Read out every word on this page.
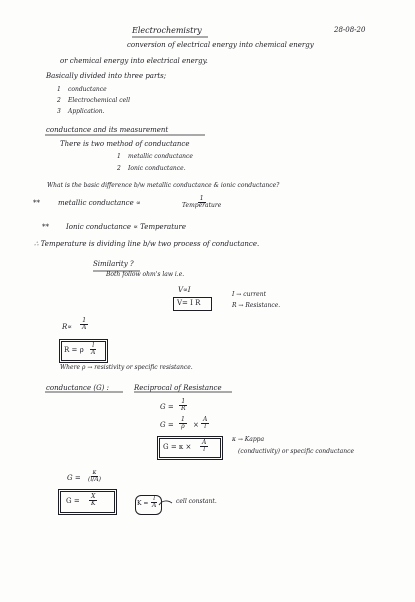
Electrochemistry	28-08-20
conversion of electrical energy into chemical energy
or chemical energy into electrical energy.
Basically divided into three parts;
1 conductance
2 Electrochemical cell
3 Application.
conductance and its measurement
There is two method of conductance
1 metallic conductance
2 Ionic conductance.
What is the basic difference b/w metallic conductance & ionic conductance?
**	metallic conductance ∝
1
Temperature
** Ionic conductance ∝ Temperature
∴ Temperature is dividing line b/w two process of conductance.
Similarity ?
Both follow ohm's law i.e.
V∝I
V= I R
I → current
R → Resistance.
$R\propto \frac{1}{A}$
R = ρ $\frac{l}{A}$
Where ρ → resistivity or specific resistance.
conductance (G) :	Reciprocal of Resistance
$G = \frac{1}{R}$
$G = \frac{1}{\rho} \times \frac{A}{l}$
$G = \kappa \times \frac{A}{l}$
κ → Kappa
(conductivity) or specific conductance
$G = \frac{\kappa}{(l/A)}$
$G = \frac{X}{K}$	$K = \frac{l}{A}$	cell constant.
